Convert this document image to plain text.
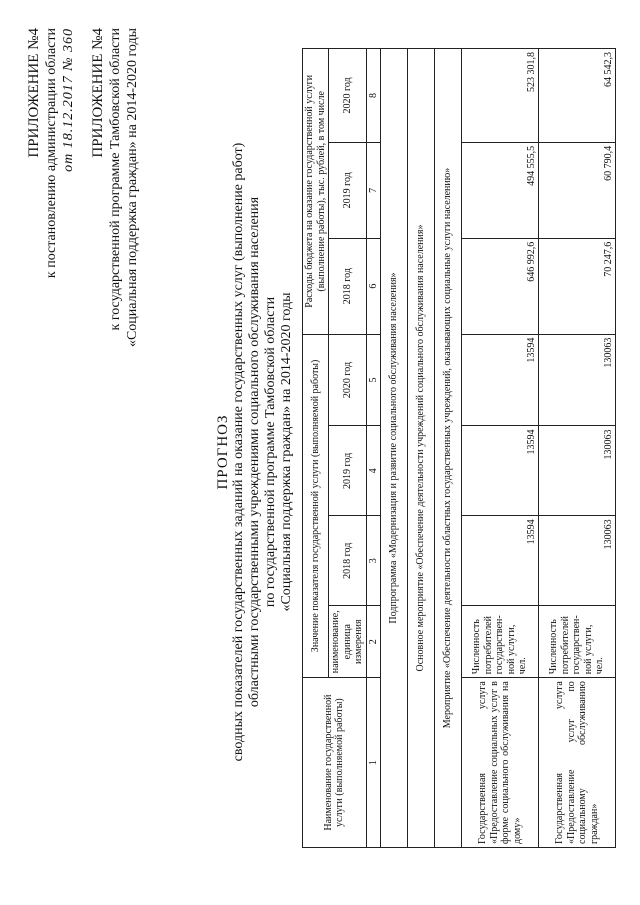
ПРИЛОЖЕНИЕ №4 к постановлению администрации области от 18.12.2017 № 360 ПРИЛОЖЕНИЕ №4 к государственной программе Тамбовской области «Социальная поддержка граждан» на 2014-2020 годы
ПРОГНОЗ сводных показателей государственных заданий на оказание государственных услуг (выполнение работ) областными государственными учреждениями социального обслуживания населения по государственной программе Тамбовской области «Социальная поддержка граждан» на 2014-2020 годы
Наименование государственной услуги (выполняемой работы)	Значение показателя государственной услуги (выполняемой работы)				Расходы бюджета на оказание государственной услуги (выполнение работы), тыс. рублей, в том числе		
	наименование, единица измерения	2018 год	2019 год	2020 год	2018 год	2019 год	2020 год
1	2	3	4	5	6	7	8
Подпрограмма «Модернизация и развитие социального обслуживания населения»							
Основное мероприятие «Обеспечение деятельности учреждений социального обслуживания населения»							
Мероприятие «Обеспечение деятельности областных государственных учреждений, оказывающих социальные услуги населению»							
Государственная услуга «Предоставление социальных услуг в форме социального обслуживания на дому»	Численность потребителей государствен-ной услуги, чел.	13594	13594	13594	646 992,6	494 555,5	523 301,8
Государственная услуга «Предоставление услуг по социальному обслуживанию граждан»	Численность потребителей государствен-ной услуги, чел.	130063	130063	130063	70 247,6	60 790,4	64 542,3
